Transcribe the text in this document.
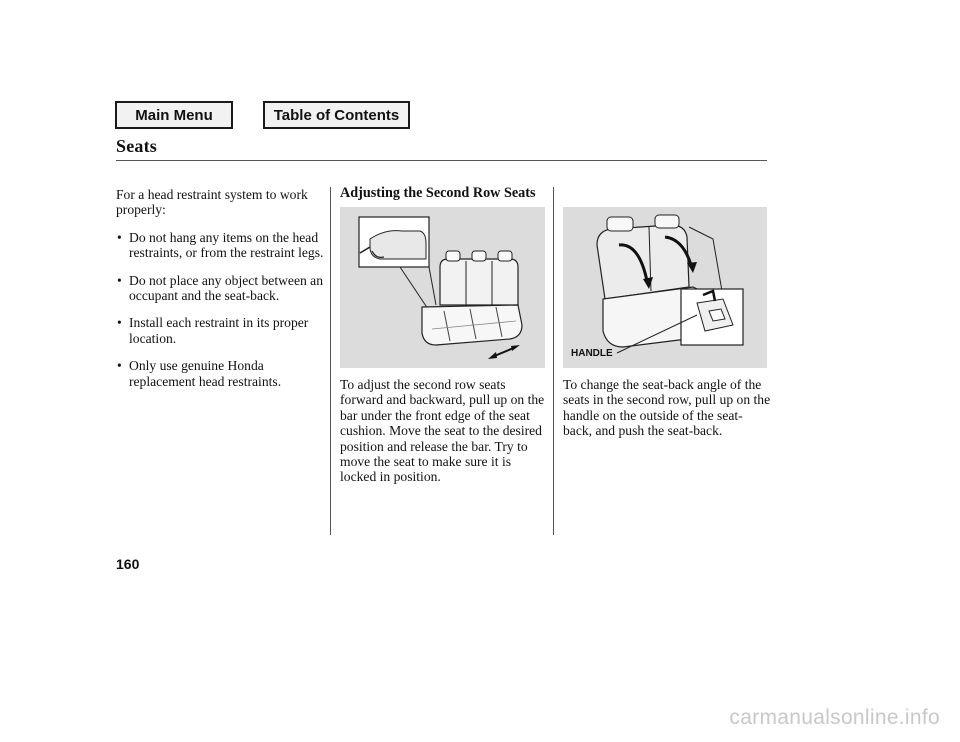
Main Menu	Table of Contents
Seats

For a head restraint system to work properly:

• Do not hang any items on the head restraints, or from the restraint legs.
• Do not place any object between an occupant and the seat-back.
• Install each restraint in its proper location.
• Only use genuine Honda replacement head restraints.
Adjusting the Second Row Seats
HANDLE
To adjust the second row seats forward and backward, pull up on the bar under the front edge of the seat cushion. Move the seat to the desired position and release the bar. Try to move the seat to make sure it is locked in position.
To change the seat-back angle of the seats in the second row, pull up on the handle on the outside of the seat-back, and push the seat-back.
160
carmanualsonline.info
